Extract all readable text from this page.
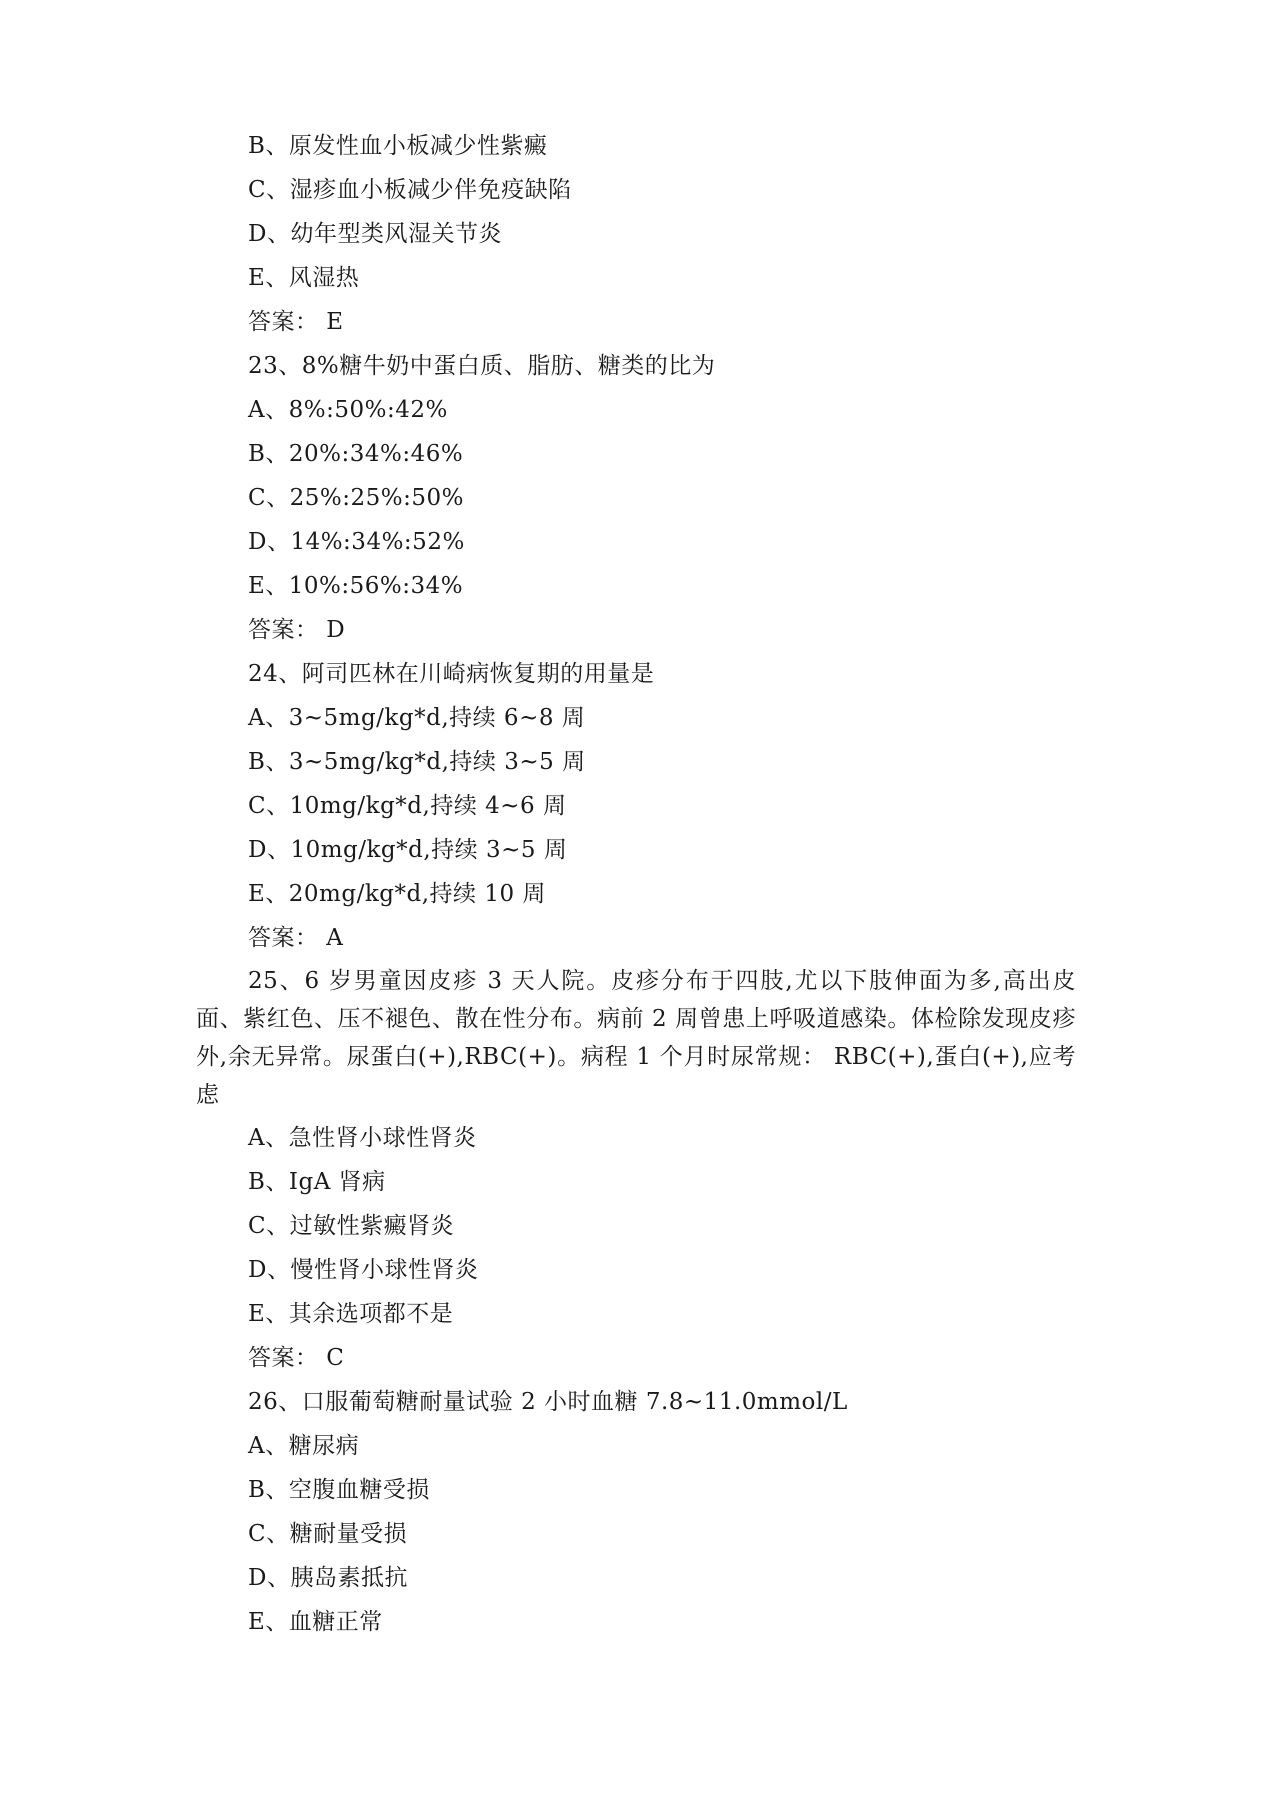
B、原发性血小板减少性紫癜
C、湿疹血小板减少伴免疫缺陷
D、幼年型类风湿关节炎
E、风湿热
答案： E
23、8%糖牛奶中蛋白质、脂肪、糖类的比为
A、8%:50%:42%
B、20%:34%:46%
C、25%:25%:50%
D、14%:34%:52%
E、10%:56%:34%
答案： D
24、阿司匹林在川崎病恢复期的用量是
A、3~5mg/kg*d,持续 6~8 周
B、3~5mg/kg*d,持续 3~5 周
C、10mg/kg*d,持续 4~6 周
D、10mg/kg*d,持续 3~5 周
E、20mg/kg*d,持续 10 周
答案： A
25、6 岁男童因皮疹 3 天人院。皮疹分布于四肢,尤以下肢伸面为多,高出皮面、紫红色、压不褪色、散在性分布。病前 2 周曾患上呼吸道感染。体检除发现皮疹外,余无异常。尿蛋白(+),RBC(+)。病程 1 个月时尿常规： RBC(+),蛋白(+),应考虑
A、急性肾小球性肾炎
B、IgA 肾病
C、过敏性紫癜肾炎
D、慢性肾小球性肾炎
E、其余选项都不是
答案： C
26、口服葡萄糖耐量试验 2 小时血糖 7.8~11.0mmol/L
A、糖尿病
B、空腹血糖受损
C、糖耐量受损
D、胰岛素抵抗
E、血糖正常
